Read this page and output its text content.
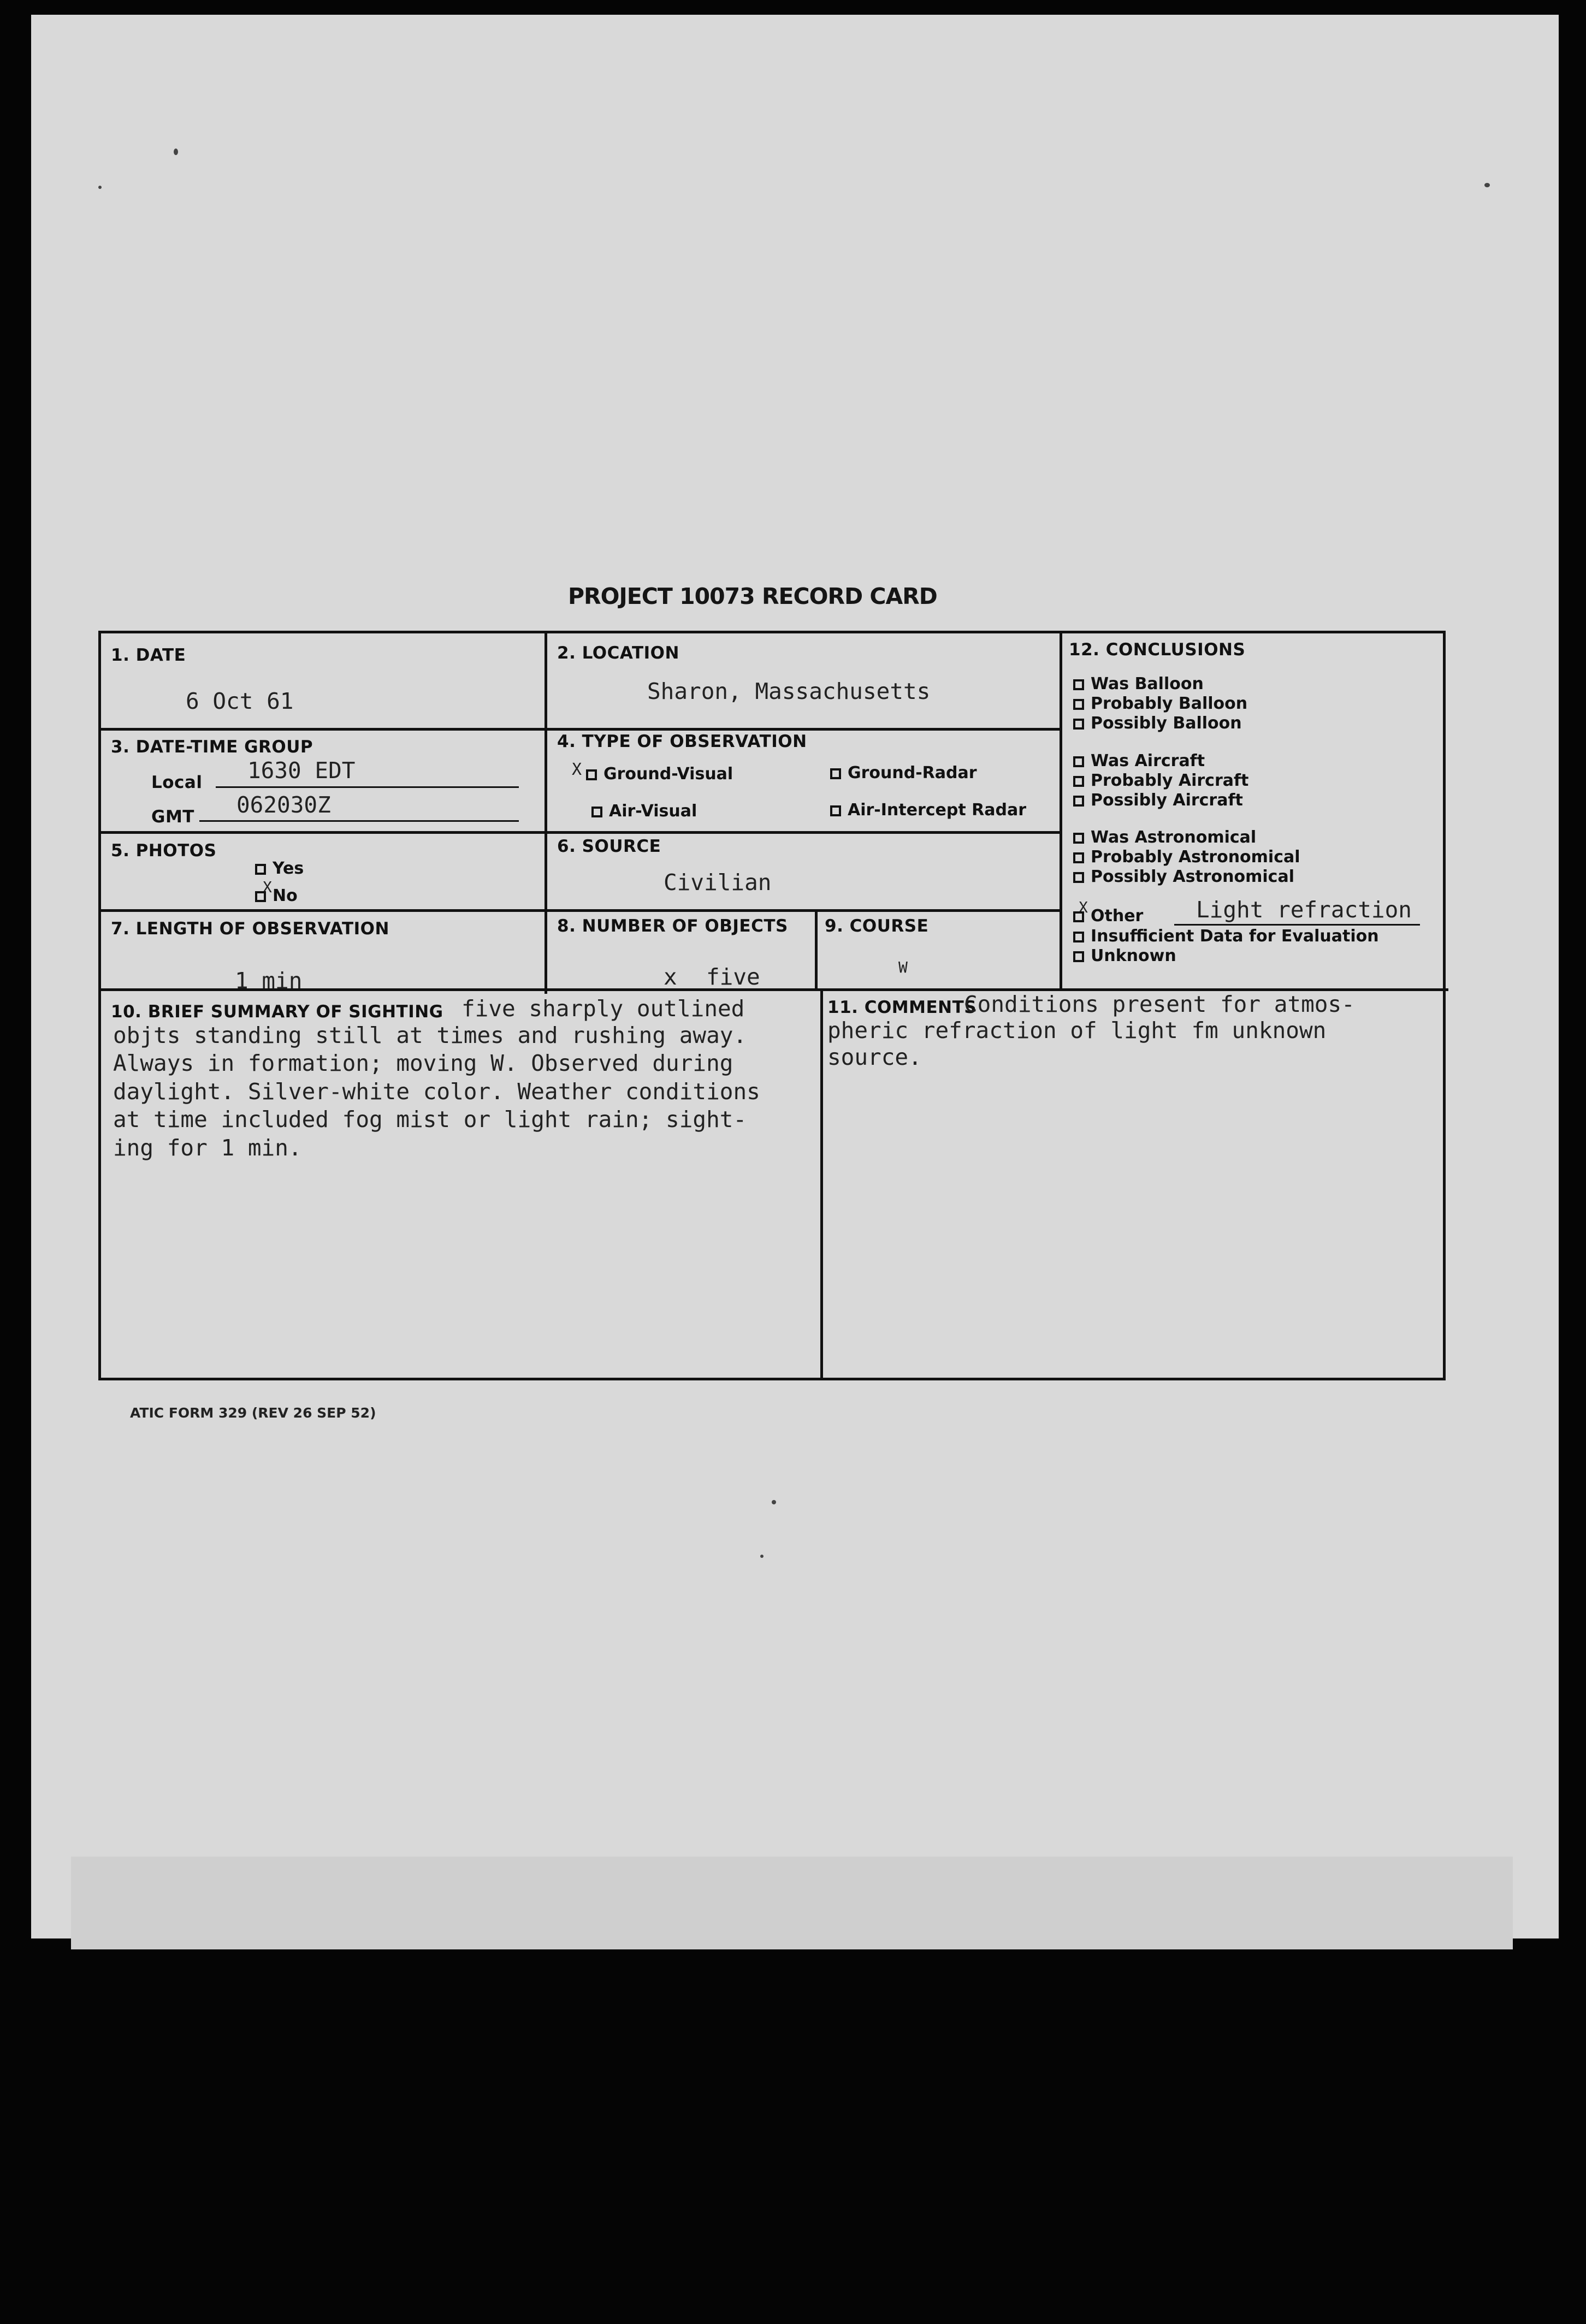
PROJECT 10073 RECORD CARD
1. DATE
6 Oct 61
2. LOCATION
Sharon, Massachusetts
3. DATE-TIME GROUP
Local 1630 EDT
GMT 062030Z
4. TYPE OF OBSERVATION
X	Ground-Visual	Ground-Radar
Air-Visual	Air-Intercept Radar
5. PHOTOS
Yes
X No
6. SOURCE
Civilian
7. LENGTH OF OBSERVATION
1 min
8. NUMBER OF OBJECTS
x five
9. COURSE
W
10. BRIEF SUMMARY OF SIGHTING five sharply outlined
objts standing still at times and rushing away.
Always in formation; moving W. Observed during
daylight. Silver-white color. Weather conditions
at time included fog mist or light rain; sight-
ing for 1 min.
11. COMMENTS
Conditions present for atmos-
pheric refraction of light fm unknown
source.
12. CONCLUSIONS
Was Balloon
Probably Balloon
Possibly Balloon
Was Aircraft
Probably Aircraft
Possibly Aircraft
Was Astronomical
Probably Astronomical
Possibly Astronomical
X Other Light refraction
Insufficient Data for Evaluation
Unknown
ATIC FORM 329 (REV 26 SEP 52)
